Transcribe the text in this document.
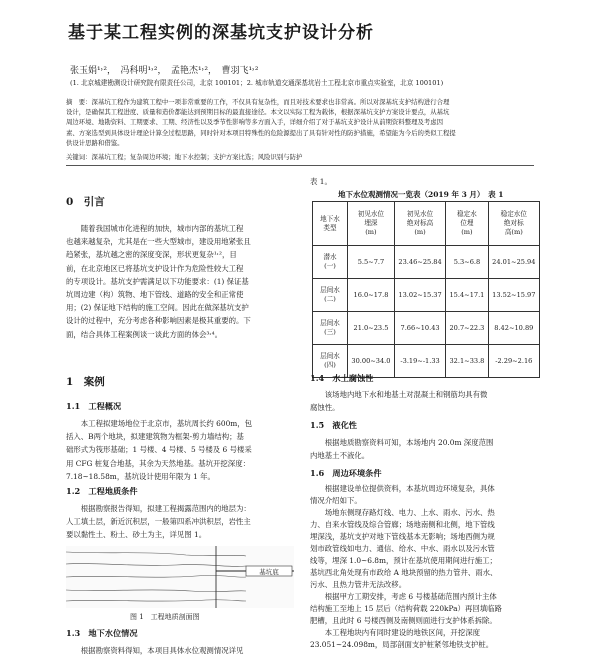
基于某工程实例的深基坑支护设计分析
张玉娟¹˒²，　冯科明¹˒²，　孟艳杰¹˒²，　曹羽飞¹˒²
(1. 北京城建勘测设计研究院有限责任公司，北京 100101；2. 城市轨道交通深基坑岩土工程北京市重点实验室，北京 100101)
摘　要：深基坑工程作为建筑工程中一项非常重要的工作，不仅具有复杂性，而且对技术要求也非常高。所以对深基坑支护结构进行合理
设计，是确保其工程进度、质量和造价都能达到预期目标的最直接途径。本文以实际工程为载体，根据深基坑支护方案设计要点，从基坑
周边环境、地勘资料、工期要求、工期、经济性以及季节性影响等多方面入手，详细介绍了对于基坑支护设计从前期资料整理及考虑因
素、方案选型到具体设计理论计算全过程思路，同时针对本项目特殊性的危险源提出了具有针对性的防护措施，希望能为今后的类似工程提
供设计思路和借鉴。
关键词：深基坑工程；复杂周边环境；地下水控制；支护方案比选；风险识别与防护
0　引言
　　随着我国城市化进程的加快，城市内部的基坑工程
也越来越复杂，尤其是在一些大型城市，建设用地紧张且
趋紧张，基坑越之密的深度变深，形状更复杂¹˒²，目
前，在北京地区已将基坑支护设计作为危险性较大工程
的专项设计。基坑支护需满足以下功能要求：(1) 保证基
坑周边建（构）筑物、地下管线、道路的安全和正常使
用；(2) 保证地下结构的施工空间。因此在做深基坑支护
设计的过程中，充分考虑各种影响因素是极其重要的。下
面，结合具体工程案例谈一谈此方面的体会³˒⁴。
1　案例
1.1　工程概况
　　本工程拟建场地位于北京市，基坑周长约 600m，包
括入、B两个地块，拟建建筑物为框架-剪力墙结构；基
础形式为筏形基础；1 号楼、4 号楼、5 号楼及 6 号楼采
用 CFG 桩复合地基，其余为天然地基。基坑开挖深度：
7.18~18.58m，基坑设计使用年限为 1 年。
1.2　工程地质条件
　　根据勘察报告得知，拟建工程揭露范围内的地层为：
人工填土层，新近沉积层，一般第四系冲洪积层，岩性主
要以黏性土、粉土、砂土为主，详见图 1。
基坑底
图 1　工程地质剖面图
1.3　地下水位情况
　　根据勘察资料得知，本项目具体水位观测情况详见
表 1。
地下水位观测情况一览表（2019 年 3 月）　表 1
地下水
类型	初见水位
埋深
(m)	初见水位
绝对标高
(m)	稳定水
位埋
(m)	稳定水位
绝对标
高(m)
潜水
(一)	5.5~7.7	23.46~25.84	5.3~6.8	24.01~25.94
层间水
(二)	16.0~17.8	13.02~15.37	15.4~17.1	13.52~15.97
层间水
(三)	21.0~23.5	7.66~10.43	20.7~22.3	8.42~10.89
层间水
(四)	30.00~34.0	-3.19~-1.33	32.1~33.8	-2.29~2.16
1.4　水土腐蚀性
　　该场地内地下水和地基土对混凝土和钢筋均具有微
腐蚀性。
1.5　液化性
　　根据地质勘察资料可知，本场地内 20.0m 深度范围
内地基土不液化。
1.6　周边环境条件
　　根据建设单位提供资料，本基坑周边环境复杂，具体
情况介绍如下。
　　场地东侧现存路灯线、电力、上水、雨水、污水、热
力、自来水管线及综合管廊；场地南侧和北侧，地下管线
埋深浅，基坑支护对地下管线基本无影响；场地西侧为规
划市政管线如电力、通信、给水、中水、雨水以及污水管
线等，埋深 1.0~6.8m，预计在基坑使用期间进行施工；
基坑西北角处现有市政给 A 地块预留的热力管井、雨水、
污水、且热力管井无法改移。
　　根据甲方工期安排，考虑 6 号楼基础范围内预计主体
结构施工至地上 15 层后（结构荷载 220kPa）再回填临路
肥槽，且此时 6 号楼西侧及南侧则面进行支护体系拆除。
　　本工程地块内有同时建设的地铁区间，开挖深度
23.051~24.098m，局部剖面支护桩紧邻地铁支护桩。
